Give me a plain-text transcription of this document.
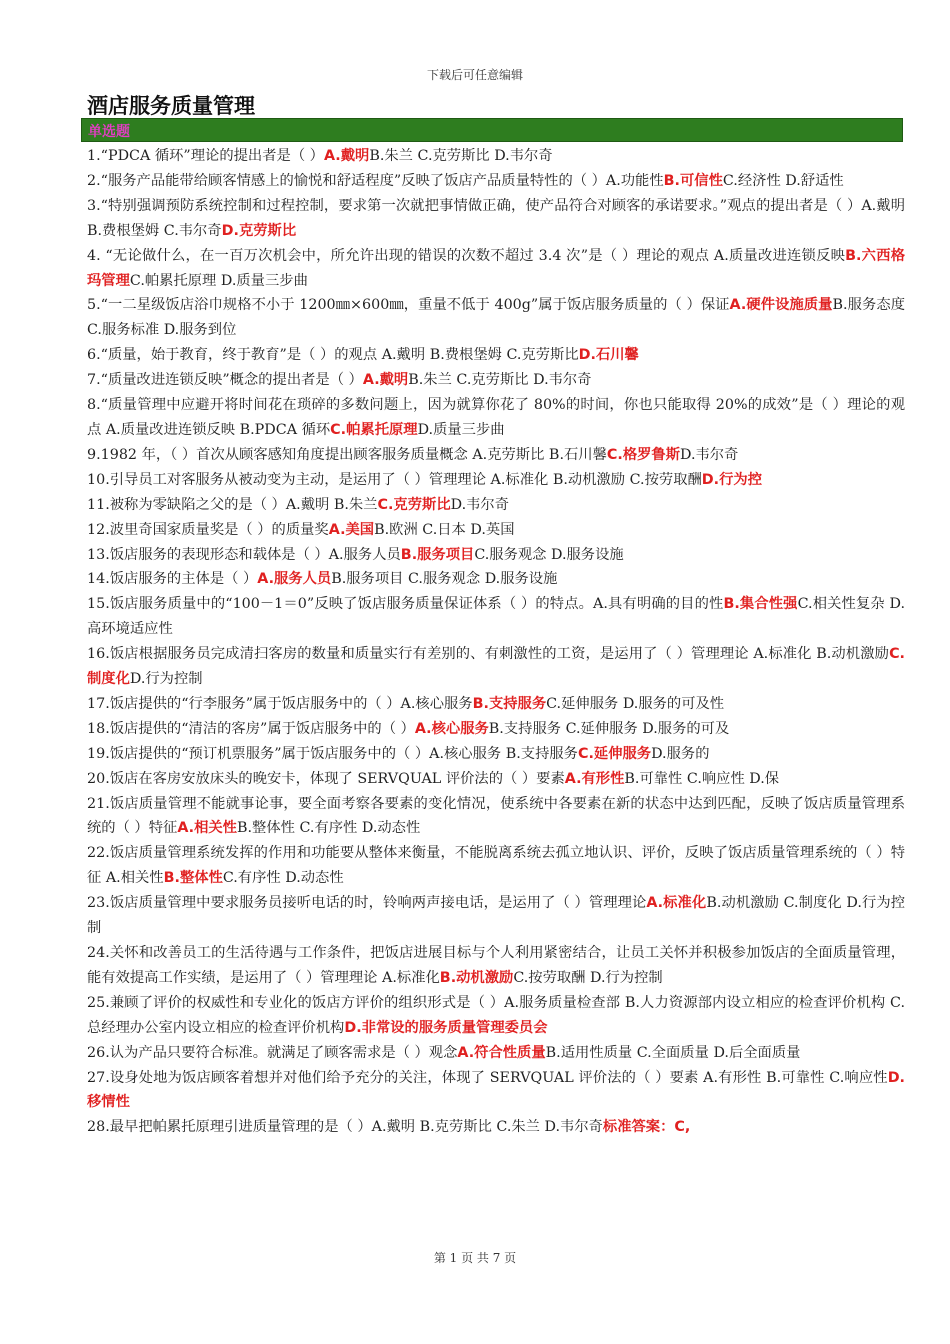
下载后可任意编辑
酒店服务质量管理
单选题

1.“PDCA 循环”理论的提出者是（ ）A.戴明B.朱兰 C.克劳斯比 D.韦尔奇

2.“服务产品能带给顾客情感上的愉悦和舒适程度”反映了饭店产品质量特性的（ ）A.功能性B.可信性C.经济性 D.舒适性

3.“特别强调预防系统控制和过程控制，要求第一次就把事情做正确，使产品符合对顾客的承诺要求。”观点的提出者是（ ）A.戴明 B.费根堡姆 C.韦尔奇D.克劳斯比

4. “无论做什么，在一百万次机会中，所允许出现的错误的次数不超过 3.4 次”是（ ）理论的观点 A.质量改进连锁反映B.六西格玛管理C.帕累托原理 D.质量三步曲

5.“一二星级饭店浴巾规格不小于 1200㎜×600㎜，重量不低于 400g”属于饭店服务质量的（ ）保证A.硬件设施质量B.服务态度 C.服务标准 D.服务到位

6.“质量，始于教育，终于教育”是（ ）的观点 A.戴明 B.费根堡姆 C.克劳斯比D.石川馨

7.“质量改进连锁反映”概念的提出者是（ ）A.戴明B.朱兰 C.克劳斯比 D.韦尔奇

8.“质量管理中应避开将时间花在琐碎的多数问题上，因为就算你花了 80%的时间，你也只能取得 20%的成效”是（ ）理论的观点 A.质量改进连锁反映 B.PDCA 循环C.帕累托原理D.质量三步曲

9.1982 年，（ ）首次从顾客感知角度提出顾客服务质量概念 A.克劳斯比 B.石川馨C.格罗鲁斯D.韦尔奇

10.引导员工对客服务从被动变为主动，是运用了（ ）管理理论 A.标准化 B.动机激励 C.按劳取酬D.行为控

11.被称为零缺陷之父的是（ ）A.戴明 B.朱兰C.克劳斯比D.韦尔奇

12.波里奇国家质量奖是（ ）的质量奖A.美国B.欧洲 C.日本 D.英国

13.饭店服务的表现形态和载体是（ ）A.服务人员B.服务项目C.服务观念 D.服务设施

14.饭店服务的主体是（ ）A.服务人员B.服务项目 C.服务观念 D.服务设施

15.饭店服务质量中的“100－1＝0”反映了饭店服务质量保证体系（ ）的特点。A.具有明确的目的性B.集合性强C.相关性复杂 D.高环境适应性

16.饭店根据服务员完成清扫客房的数量和质量实行有差别的、有刺激性的工资，是运用了（ ）管理理论 A.标准化 B.动机激励C.制度化D.行为控制

17.饭店提供的“行李服务”属于饭店服务中的（ ）A.核心服务B.支持服务C.延伸服务 D.服务的可及性

18.饭店提供的“清洁的客房”属于饭店服务中的（ ）A.核心服务B.支持服务 C.延伸服务 D.服务的可及

19.饭店提供的“预订机票服务”属于饭店服务中的（ ）A.核心服务 B.支持服务C.延伸服务D.服务的

20.饭店在客房安放床头的晚安卡，体现了 SERVQUAL 评价法的（ ）要素A.有形性B.可靠性 C.响应性 D.保

21.饭店质量管理不能就事论事，要全面考察各要素的变化情况，使系统中各要素在新的状态中达到匹配，反映了饭店质量管理系统的（ ）特征A.相关性B.整体性 C.有序性 D.动态性

22.饭店质量管理系统发挥的作用和功能要从整体来衡量，不能脱离系统去孤立地认识、评价，反映了饭店质量管理系统的（ ）特征 A.相关性B.整体性C.有序性 D.动态性

23.饭店质量管理中要求服务员接听电话的时，铃响两声接电话，是运用了（ ）管理理论A.标准化B.动机激励 C.制度化 D.行为控制

24.关怀和改善员工的生活待遇与工作条件，把饭店进展目标与个人利用紧密结合，让员工关怀并积极参加饭店的全面质量管理，能有效提高工作实绩，是运用了（ ）管理理论 A.标准化B.动机激励C.按劳取酬 D.行为控制

25.兼顾了评价的权威性和专业化的饭店方评价的组织形式是（ ）A.服务质量检查部 B.人力资源部内设立相应的检查评价机构 C.总经理办公室内设立相应的检查评价机构D.非常设的服务质量管理委员会

26.认为产品只要符合标准。就满足了顾客需求是（ ）观念A.符合性质量B.适用性质量 C.全面质量 D.后全面质量

27.设身处地为饭店顾客着想并对他们给予充分的关注，体现了 SERVQUAL 评价法的（ ）要素 A.有形性 B.可靠性 C.响应性D.移情性

28.最早把帕累托原理引进质量管理的是（ ）A.戴明 B.克劳斯比 C.朱兰 D.韦尔奇标准答案：C,

第 1 页 共 7 页
